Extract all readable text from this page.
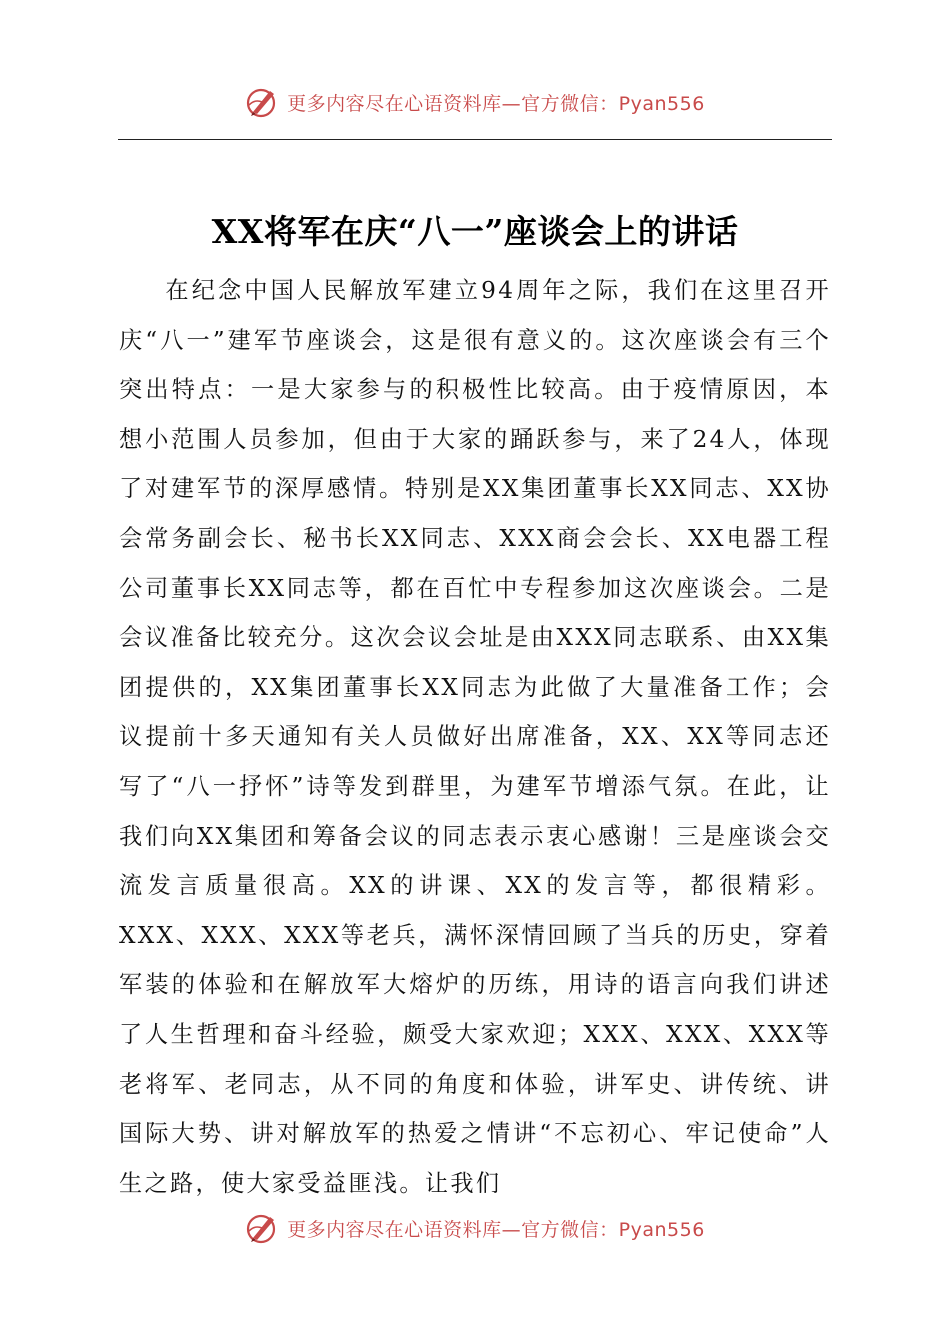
更多内容尽在心语资料库—官方微信：Pyan556
XX将军在庆“八一”座谈会上的讲话

在纪念中国人民解放军建立94周年之际，我们在这里召开庆“八一”建军节座谈会，这是很有意义的。这次座谈会有三个突出特点：一是大家参与的积极性比较高。由于疫情原因，本想小范围人员参加，但由于大家的踊跃参与，来了24人，体现了对建军节的深厚感情。特别是XX集团董事长XX同志、XX协会常务副会长、秘书长XX同志、XXX商会会长、XX电器工程公司董事长XX同志等，都在百忙中专程参加这次座谈会。二是会议准备比较充分。这次会议会址是由XXX同志联系、由XX集团提供的，XX集团董事长XX同志为此做了大量准备工作；会议提前十多天通知有关人员做好出席准备，XX、XX等同志还写了“八一抒怀”诗等发到群里，为建军节增添气氛。在此，让我们向XX集团和筹备会议的同志表示衷心感谢！三是座谈会交流发言质量很高。XX的讲课、XX的发言等，都很精彩。XXX、XXX、XXX等老兵，满怀深情回顾了当兵的历史，穿着军装的体验和在解放军大熔炉的历练，用诗的语言向我们讲述了人生哲理和奋斗经验，颇受大家欢迎；XXX、XXX、XXX等老将军、老同志，从不同的角度和体验，讲军史、讲传统、讲国际大势、讲对解放军的热爱之情讲“不忘初心、牢记使命”人生之路，使大家受益匪浅。让我们

更多内容尽在心语资料库—官方微信：Pyan556
